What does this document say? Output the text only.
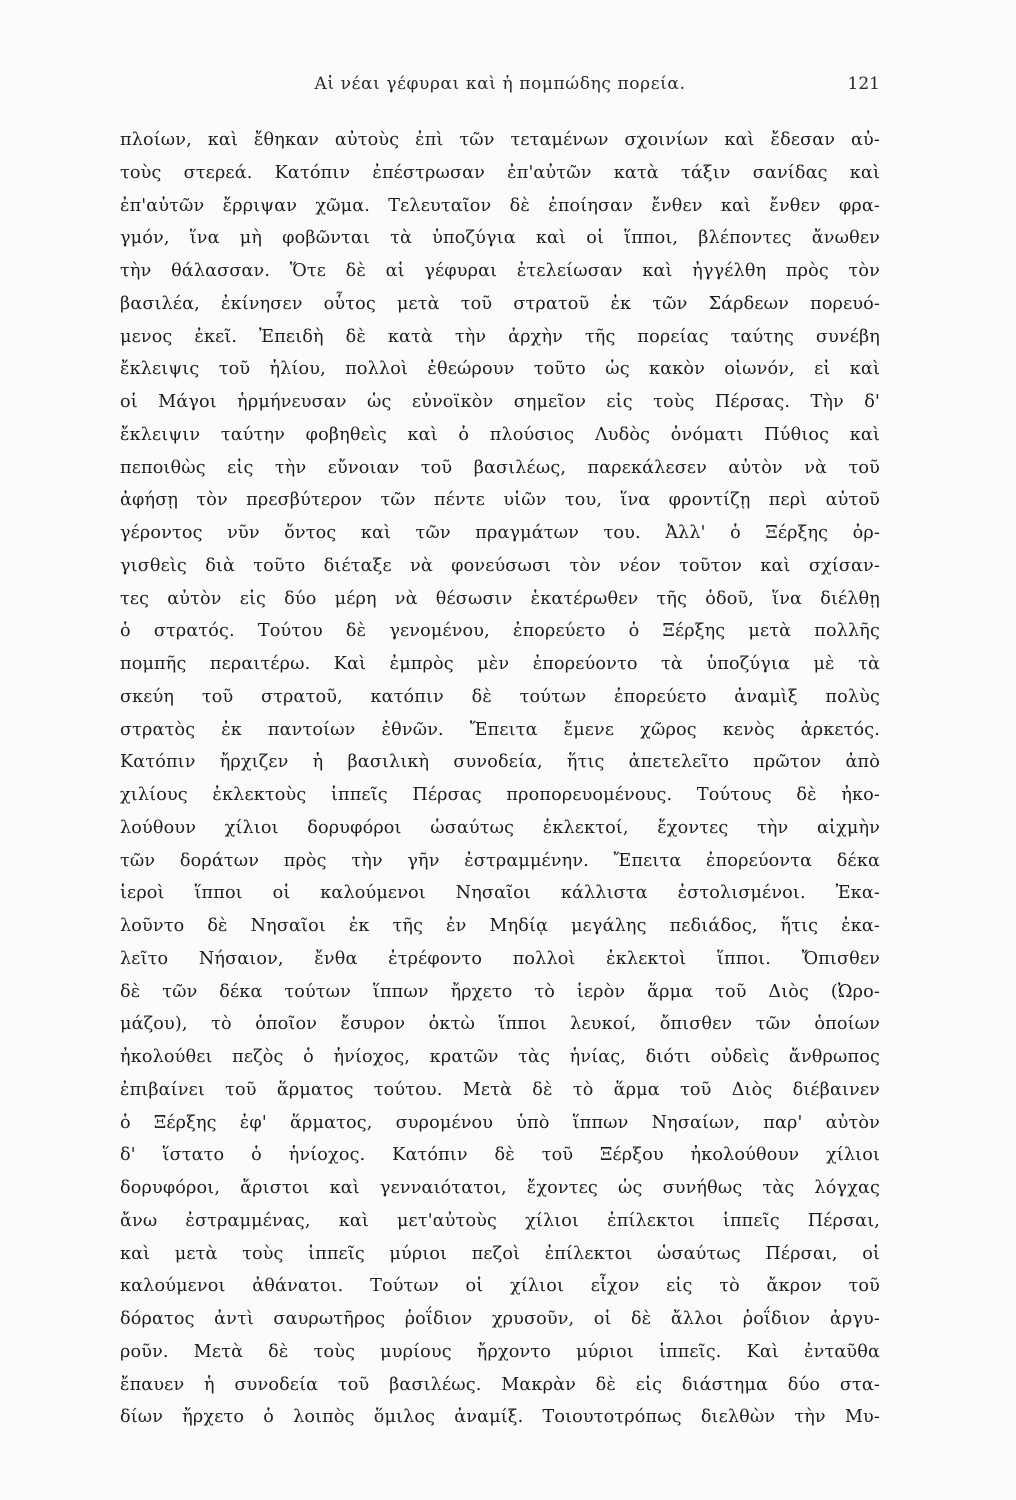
Αἱ νέαι γέφυραι καὶ ἡ πομπώδης πορεία.	121
πλοίων, καὶ ἔθηκαν αὐτοὺς ἐπὶ τῶν τεταμένων σχοινίων καὶ ἔδεσαν αὐ-
τοὺς στερεά. Κατόπιν ἐπέστρωσαν ἐπ'αὐτῶν κατὰ τάξιν σανίδας καὶ
ἐπ'αὐτῶν ἔρριψαν χῶμα. Τελευταῖον δὲ ἐποίησαν ἔνθεν καὶ ἔνθεν φρα-
γμόν, ἵνα μὴ φοβῶνται τὰ ὑποζύγια καὶ οἱ ἵπποι, βλέποντες ἄνωθεν
τὴν θάλασσαν. Ὅτε δὲ αἱ γέφυραι ἐτελείωσαν καὶ ἠγγέλθη πρὸς τὸν
βασιλέα, ἐκίνησεν οὗτος μετὰ τοῦ στρατοῦ ἐκ τῶν Σάρδεων πορευό-
μενος ἐκεῖ. Ἐπειδὴ δὲ κατὰ τὴν ἀρχὴν τῆς πορείας ταύτης συνέβη
ἔκλειψις τοῦ ἡλίου, πολλοὶ ἐθεώρουν τοῦτο ὡς κακὸν οἰωνόν, εἰ καὶ
οἱ Μάγοι ἡρμήνευσαν ὡς εὐνοϊκὸν σημεῖον εἰς τοὺς Πέρσας. Τὴν δ'
ἔκλειψιν ταύτην φοβηθεὶς καὶ ὁ πλούσιος Λυδὸς ὀνόματι Πύθιος καὶ
πεποιθὼς εἰς τὴν εὔνοιαν τοῦ βασιλέως, παρεκάλεσεν αὐτὸν νὰ τοῦ
ἀφήσῃ τὸν πρεσβύτερον τῶν πέντε υἱῶν του, ἵνα φροντίζῃ περὶ αὐτοῦ
γέροντος νῦν ὄντος καὶ τῶν πραγμάτων του. Ἀλλ' ὁ Ξέρξης ὀρ-
γισθεὶς διὰ τοῦτο διέταξε νὰ φονεύσωσι τὸν νέον τοῦτον καὶ σχίσαν-
τες αὐτὸν εἰς δύο μέρη νὰ θέσωσιν ἑκατέρωθεν τῆς ὁδοῦ, ἵνα διέλθῃ
ὁ στρατός. Τούτου δὲ γενομένου, ἐπορεύετο ὁ Ξέρξης μετὰ πολλῆς
πομπῆς περαιτέρω. Καὶ ἐμπρὸς μὲν ἐπορεύοντο τὰ ὑποζύγια μὲ τὰ
σκεύη τοῦ στρατοῦ, κατόπιν δὲ τούτων ἐπορεύετο ἀναμὶξ πολὺς
στρατὸς ἐκ παντοίων ἐθνῶν. Ἔπειτα ἔμενε χῶρος κενὸς ἀρκετός.
Κατόπιν ἤρχιζεν ἡ βασιλικὴ συνοδεία, ἥτις ἀπετελεῖτο πρῶτον ἀπὸ
χιλίους ἐκλεκτοὺς ἱππεῖς Πέρσας προπορευομένους. Τούτους δὲ ἠκο-
λούθουν χίλιοι δορυφόροι ὡσαύτως ἐκλεκτοί, ἔχοντες τὴν αἰχμὴν
τῶν δοράτων πρὸς τὴν γῆν ἐστραμμένην. Ἔπειτα ἐπορεύοντα δέκα
ἱεροὶ ἵπποι οἱ καλούμενοι Νησαῖοι κάλλιστα ἐστολισμένοι. Ἐκα-
λοῦντο δὲ Νησαῖοι ἐκ τῆς ἐν Μηδίᾳ μεγάλης πεδιάδος, ἥτις ἐκα-
λεῖτο Νήσαιον, ἔνθα ἐτρέφοντο πολλοὶ ἐκλεκτοὶ ἵπποι. Ὄπισθεν
δὲ τῶν δέκα τούτων ἵππων ἤρχετο τὸ ἱερὸν ἅρμα τοῦ Διὸς (Ὠρο-
μάζου), τὸ ὁποῖον ἔσυρον ὀκτὼ ἵπποι λευκοί, ὄπισθεν τῶν ὁποίων
ἠκολούθει πεζὸς ὁ ἡνίοχος, κρατῶν τὰς ἡνίας, διότι οὐδεὶς ἄνθρωπος
ἐπιβαίνει τοῦ ἅρματος τούτου. Μετὰ δὲ τὸ ἅρμα τοῦ Διὸς διέβαινεν
ὁ Ξέρξης ἐφ' ἅρματος, συρομένου ὑπὸ ἵππων Νησαίων, παρ' αὐτὸν
δ' ἵστατο ὁ ἡνίοχος. Κατόπιν δὲ τοῦ Ξέρξου ἠκολούθουν χίλιοι
δορυφόροι, ἄριστοι καὶ γενναιότατοι, ἔχοντες ὡς συνήθως τὰς λόγχας
ἄνω ἐστραμμένας, καὶ μετ'αὐτοὺς χίλιοι ἐπίλεκτοι ἱππεῖς Πέρσαι,
καὶ μετὰ τοὺς ἱππεῖς μύριοι πεζοὶ ἐπίλεκτοι ὡσαύτως Πέρσαι, οἱ
καλούμενοι ἀθάνατοι. Τούτων οἱ χίλιοι εἶχον εἰς τὸ ἄκρον τοῦ
δόρατος ἀντὶ σαυρωτῆρος ῥοΐδιον χρυσοῦν, οἱ δὲ ἄλλοι ῥοΐδιον ἀργυ-
ροῦν. Μετὰ δὲ τοὺς μυρίους ἤρχοντο μύριοι ἱππεῖς. Καὶ ἐνταῦθα
ἔπαυεν ἡ συνοδεία τοῦ βασιλέως. Μακρὰν δὲ εἰς διάστημα δύο στα-
δίων ἤρχετο ὁ λοιπὸς ὅμιλος ἀναμίξ. Τοιουτοτρόπως διελθὼν τὴν Μυ-
